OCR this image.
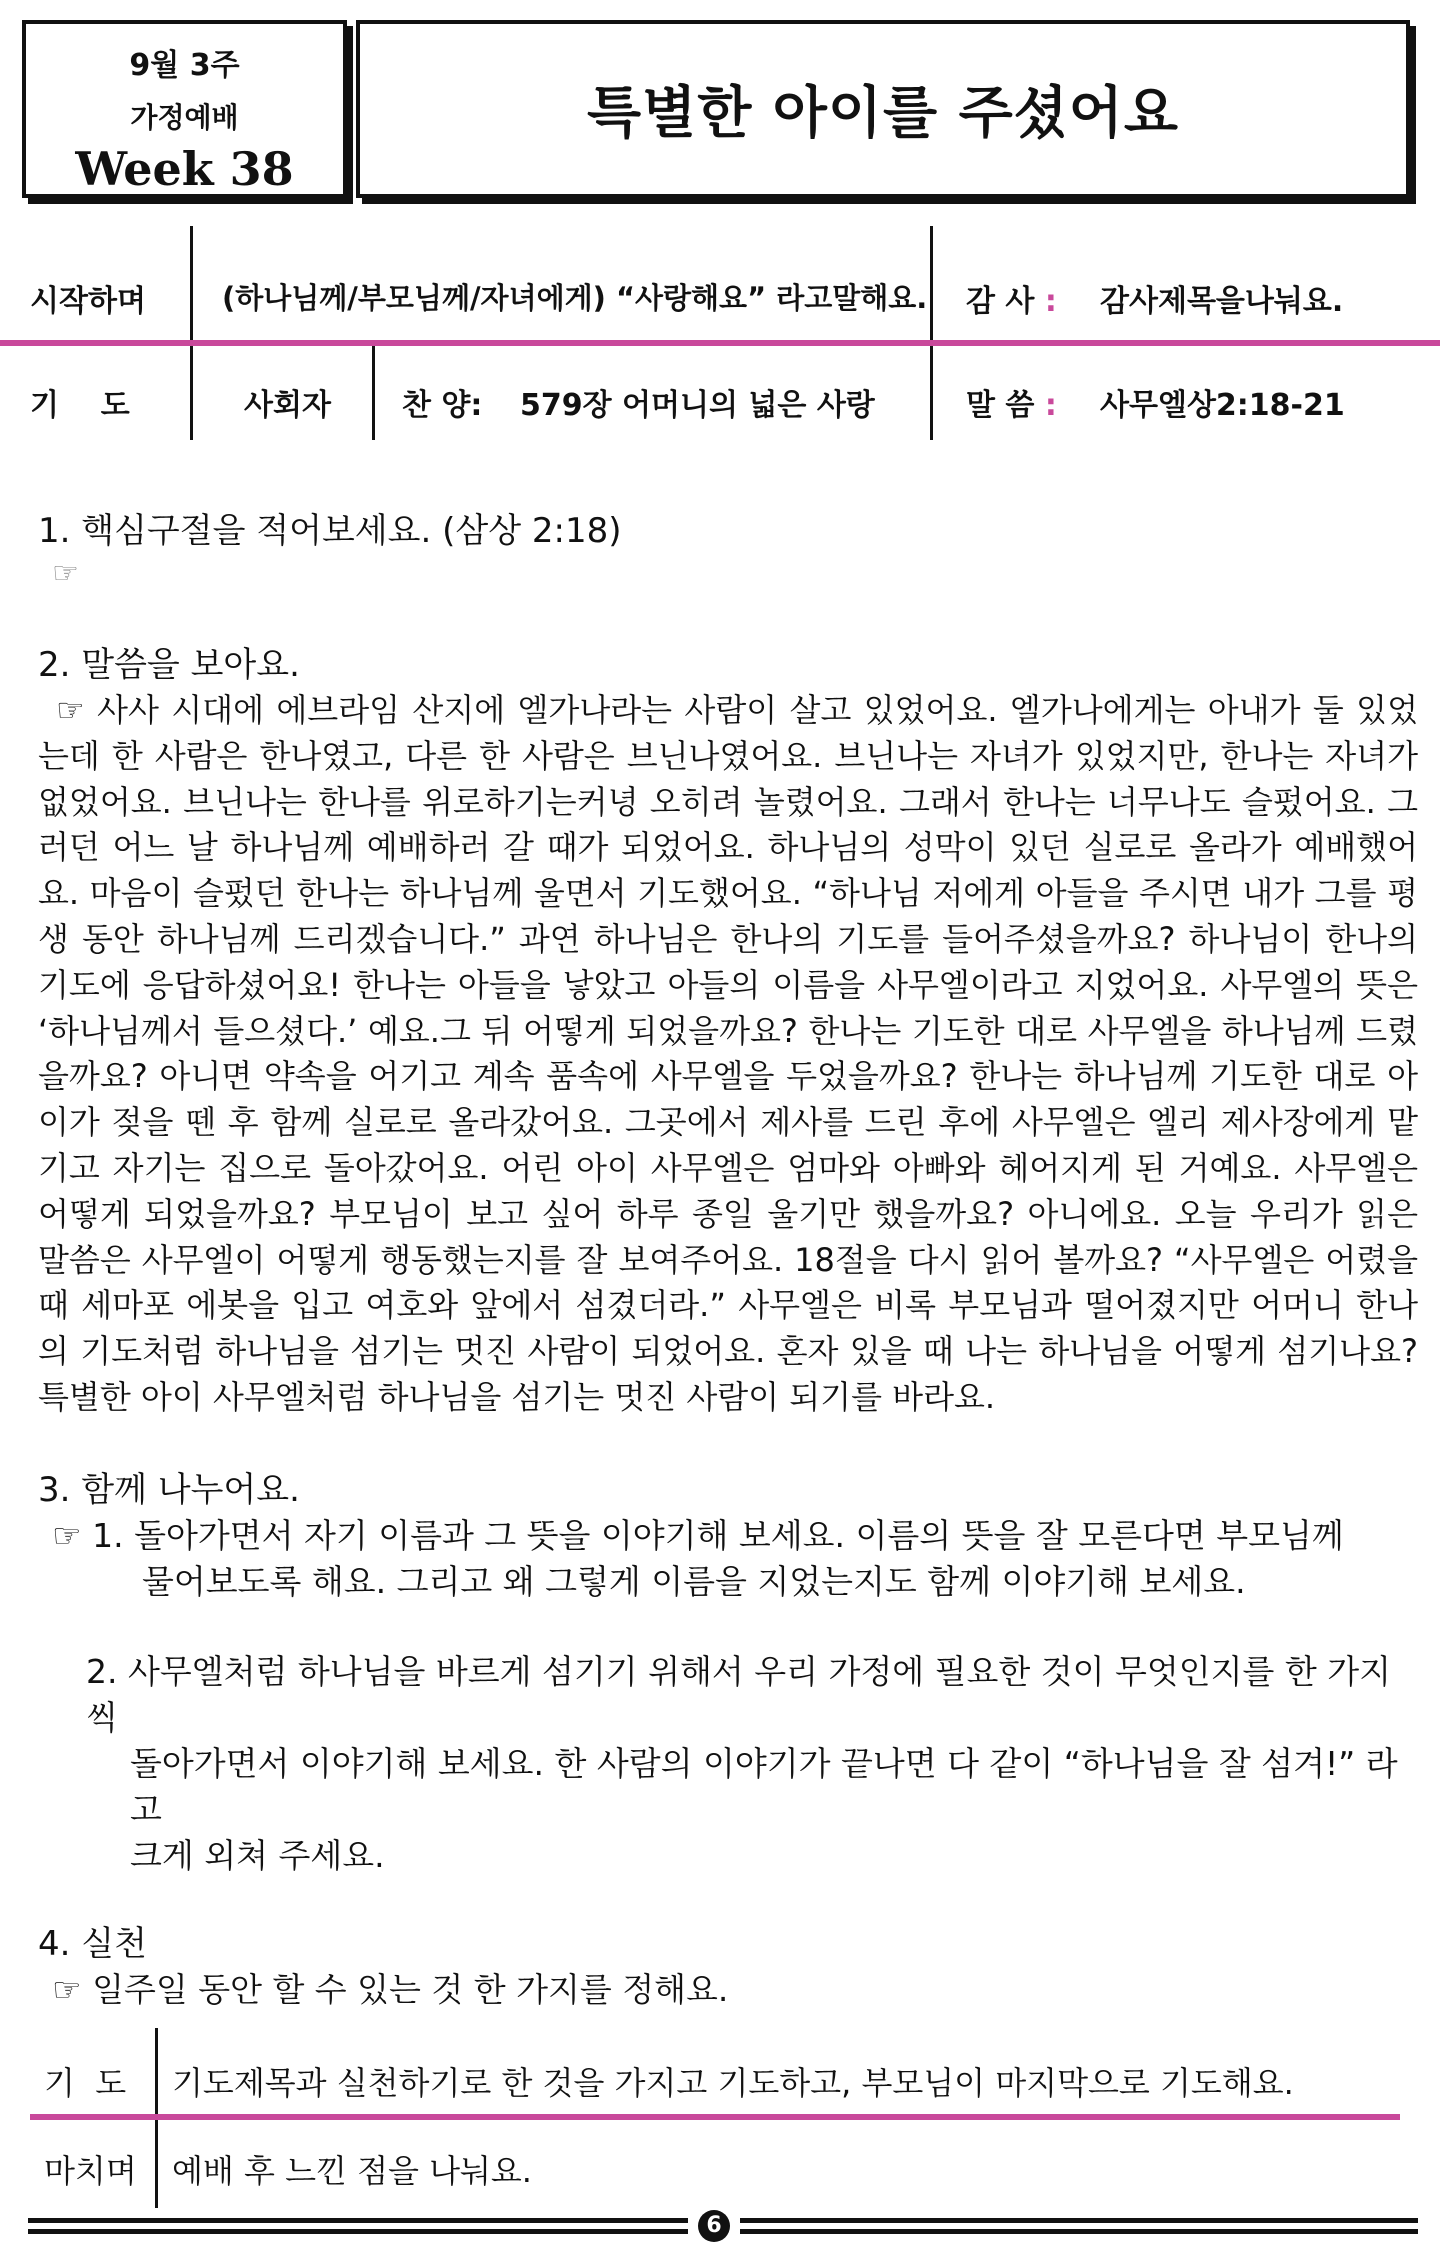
9월 3주
가정예배
Week 38
특별한 아이를 주셨어요
시작하며	(하나님께/부모님께/자녀에게) “사랑해요” 라고말해요. 감 사 : 감사제목을나눠요.
기    도	사회자 찬 양: 579장 어머니의 넓은 사랑	말 씀 : 사무엘상2:18-21
1. 핵심구절을 적어보세요. (삼상 2:18)
☞
2. 말씀을 보아요.

☞ 사사 시대에 에브라임 산지에 엘가나라는 사람이 살고 있었어요. 엘가나에게는 아내가 둘 있었는데 한 사람은 한나였고, 다른 한 사람은 브닌나였어요. 브닌나는 자녀가 있었지만, 한나는 자녀가 없었어요. 브닌나는 한나를 위로하기는커녕 오히려 놀렸어요. 그래서 한나는 너무나도 슬펐어요. 그러던 어느 날 하나님께 예배하러 갈 때가 되었어요. 하나님의 성막이 있던 실로로 올라가 예배했어요. 마음이 슬펐던 한나는 하나님께 울면서 기도했어요. “하나님 저에게 아들을 주시면 내가 그를 평생 동안 하나님께 드리겠습니다.” 과연 하나님은 한나의 기도를 들어주셨을까요? 하나님이 한나의 기도에 응답하셨어요! 한나는 아들을 낳았고 아들의 이름을 사무엘이라고 지었어요. 사무엘의 뜻은 ‘하나님께서 들으셨다.’ 예요.그 뒤 어떻게 되었을까요? 한나는 기도한 대로 사무엘을 하나님께 드렸을까요? 아니면 약속을 어기고 계속 품속에 사무엘을 두었을까요? 한나는 하나님께 기도한 대로 아이가 젖을 뗀 후 함께 실로로 올라갔어요. 그곳에서 제사를 드린 후에 사무엘은 엘리 제사장에게 맡기고 자기는 집으로 돌아갔어요. 어린 아이 사무엘은 엄마와 아빠와 헤어지게 된 거예요. 사무엘은 어떻게 되었을까요? 부모님이 보고 싶어 하루 종일 울기만 했을까요? 아니에요. 오늘 우리가 읽은 말씀은 사무엘이 어떻게 행동했는지를 잘 보여주어요. 18절을 다시 읽어 볼까요? “사무엘은 어렸을 때 세마포 에봇을 입고 여호와 앞에서 섬겼더라.” 사무엘은 비록 부모님과 떨어졌지만 어머니 한나의 기도처럼 하나님을 섬기는 멋진 사람이 되었어요. 혼자 있을 때 나는 하나님을 어떻게 섬기나요? 특별한 아이 사무엘처럼 하나님을 섬기는 멋진 사람이 되기를 바라요.

3. 함께 나누어요.
☞ 1. 돌아가면서 자기 이름과 그 뜻을 이야기해 보세요. 이름의 뜻을 잘 모른다면 부모님께
물어보도록 해요. 그리고 왜 그렇게 이름을 지었는지도 함께 이야기해 보세요.
2. 사무엘처럼 하나님을 바르게 섬기기 위해서 우리 가정에 필요한 것이 무엇인지를 한 가지씩
돌아가면서 이야기해 보세요. 한 사람의 이야기가 끝나면 다 같이 “하나님을 잘 섬겨!” 라고
크게 외쳐 주세요.
4. 실천
☞ 일주일 동안 할 수 있는 것 한 가지를 정해요.
기  도 기도제목과 실천하기로 한 것을 가지고 기도하고, 부모님이 마지막으로 기도해요.
마치며 예배 후 느낀 점을 나눠요.
6
